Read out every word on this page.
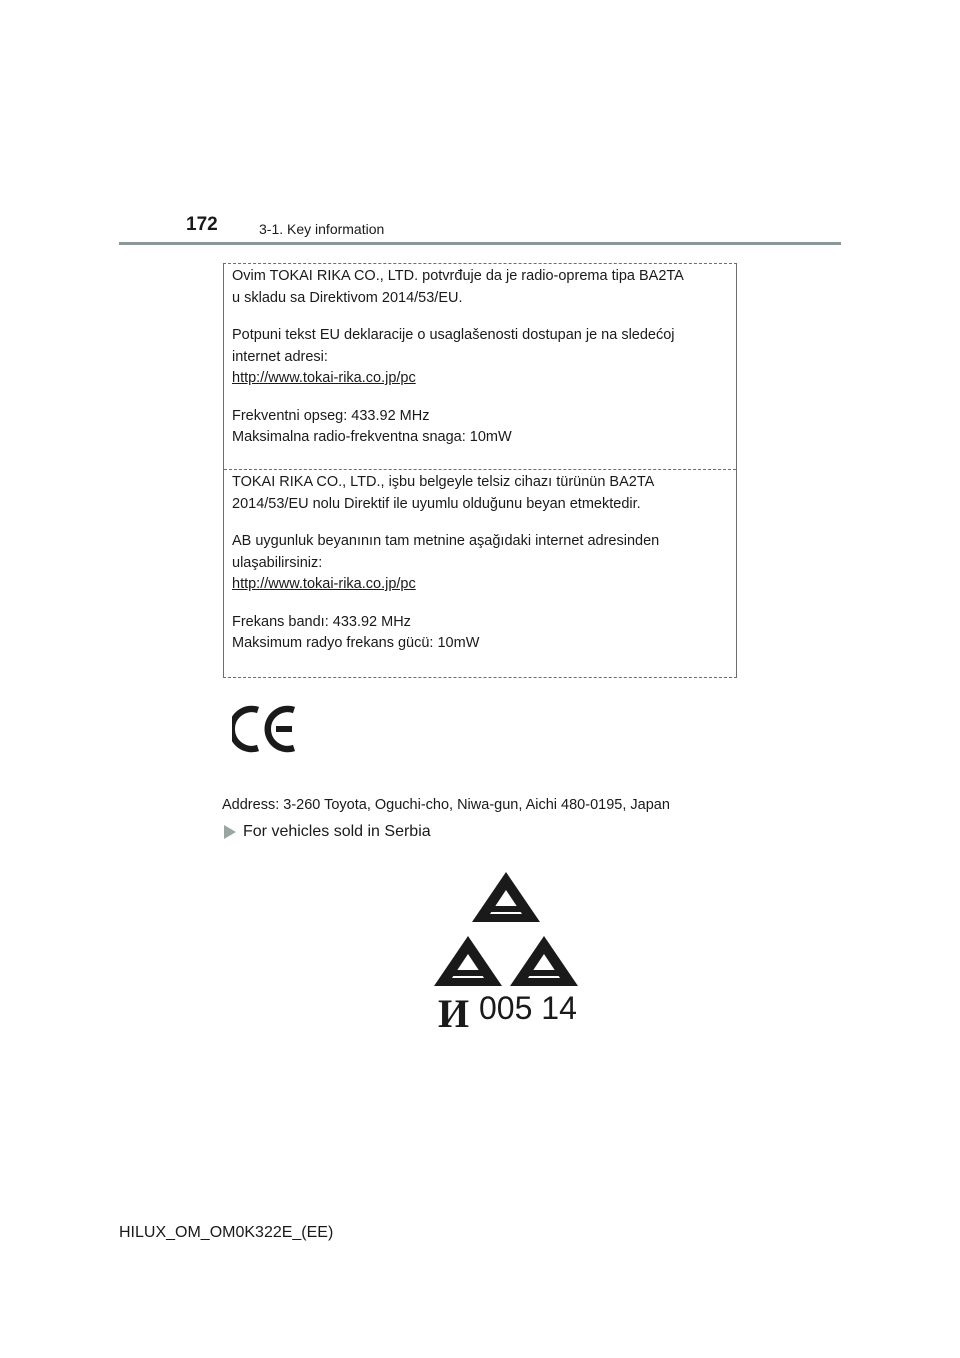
172	3-1. Key information
Ovim TOKAI RIKA CO., LTD. potvrđuje da je radio-oprema tipa BA2TA
u skladu sa Direktivom 2014/53/EU.
Potpuni tekst EU deklaracije o usaglašenosti dostupan je na sledećoj
internet adresi:
http://www.tokai-rika.co.jp/pc
Frekventni opseg: 433.92 MHz
Maksimalna radio-frekventna snaga: 10mW
TOKAI RIKA CO., LTD., işbu belgeyle telsiz cihazı türünün BA2TA
2014/53/EU nolu Direktif ile uyumlu olduğunu beyan etmektedir.
AB uygunluk beyanının tam metnine aşağıdaki internet adresinden
ulaşabilirsiniz:
http://www.tokai-rika.co.jp/pc
Frekans bandı: 433.92 MHz
Maksimum radyo frekans gücü: 10mW
Address: 3-260 Toyota, Oguchi-cho, Niwa-gun, Aichi 480-0195, Japan
For vehicles sold in Serbia
И 005 14
HILUX_OM_OM0K322E_(EE)
